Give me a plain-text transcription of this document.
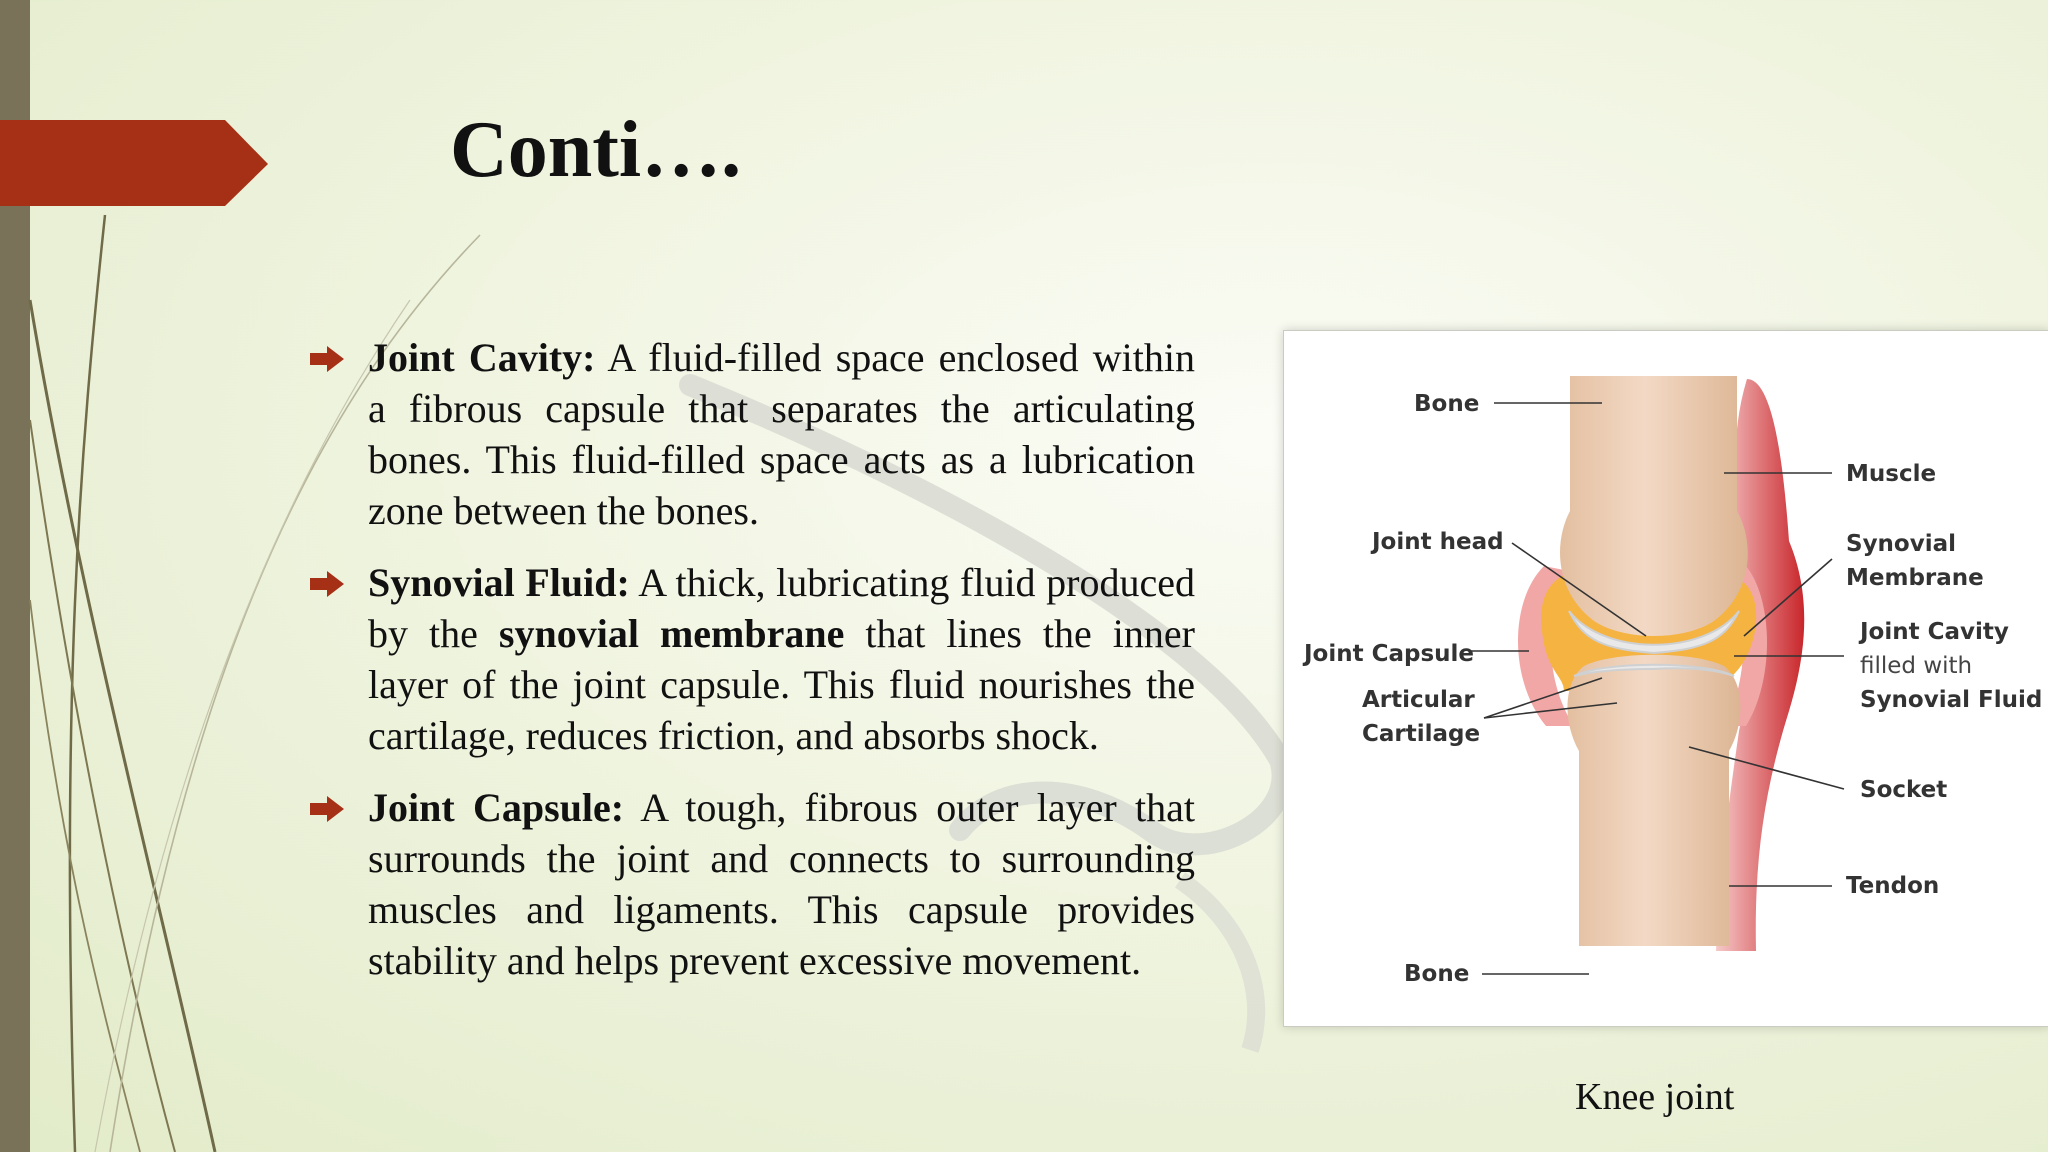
Conti….
Joint Cavity: A fluid-filled space enclosed within a fibrous capsule that separates the articulating bones. This fluid-filled space acts as a lubrication zone between the bones.
Synovial Fluid: A thick, lubricating fluid produced by the synovial membrane that lines the inner layer of the joint capsule. This fluid nourishes the cartilage, reduces friction, and absorbs shock.
Joint Capsule: A tough, fibrous outer layer that surrounds the joint and connects to surrounding muscles and ligaments. This capsule provides stability and helps prevent excessive movement.
Bone
Muscle
Joint head	Synovial
Membrane
Joint Capsule
Joint Cavity
filled with
Synovial Fluid
Articular
Cartilage
Socket
Tendon
Bone

Knee joint
